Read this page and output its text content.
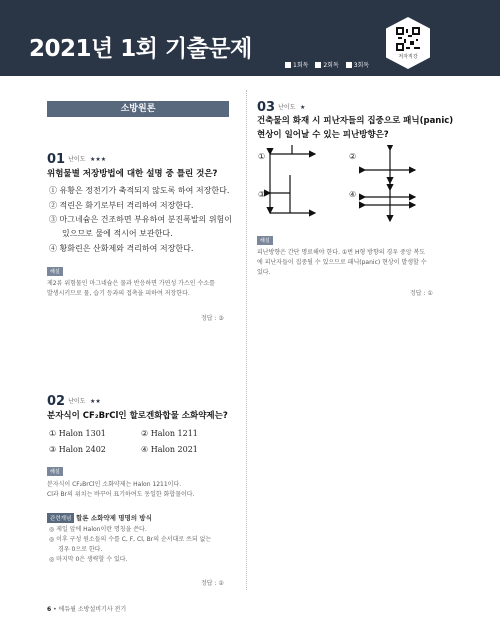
2021년 1회 기출문제
1회독 2회독 3회독
저자직강
소방원론
01 난이도 ★★★
위험물별 저장방법에 대한 설명 중 틀린 것은?
① 유황은 정전기가 축적되지 않도록 하여 저장한다.
② 적린은 화기로부터 격리하여 저장한다.
③ 마그네슘은 건조하면 부유하여 분진폭발의 위험이
있으므로 물에 적시어 보관한다.
④ 황화린은 산화제와 격리하여 저장한다.
해설
제2류 위험물인 마그네슘은 물과 반응하면 가연성 가스인 수소를
발생시키므로 물, 습기 등과의 접촉을 피하여 저장한다.
정답 : ③
02 난이도 ★★
분자식이 CF₂BrCl인 할로겐화합물 소화약제는?
① Halon 1301	② Halon 1211
③ Halon 2402	④ Halon 2021
해설
분자식이 CF₂BrCl인 소화약제는 Halon 1211이다.
Cl과 Br의 위치는 바꾸어 표기하여도 동일한 화합물이다.
관련개념 할론 소화약제 명명의 방식
◎ 제일 앞에 Halon이란 명칭을 쓴다.
◎ 이후 구성 원소들의 수를 C, F, Cl, Br의 순서대로 쓰되 없는
경우 0으로 한다.
◎ 마지막 0은 생략할 수 있다.
정답 : ②
03 난이도 ★
건축물의 화재 시 피난자들의 집중으로 패닉(panic)
현상이 일어날 수 있는 피난방향은?
①	②
③	④
해설
피난방향은 간단 명료해야 한다. ①번 H형 방향의 경우 중앙 복도
에 피난자들이 집중될 수 있으므로 패닉(panic) 현상이 발생할 수
있다.
정답 : ①
6 • 에듀윌 소방설비기사 전기
